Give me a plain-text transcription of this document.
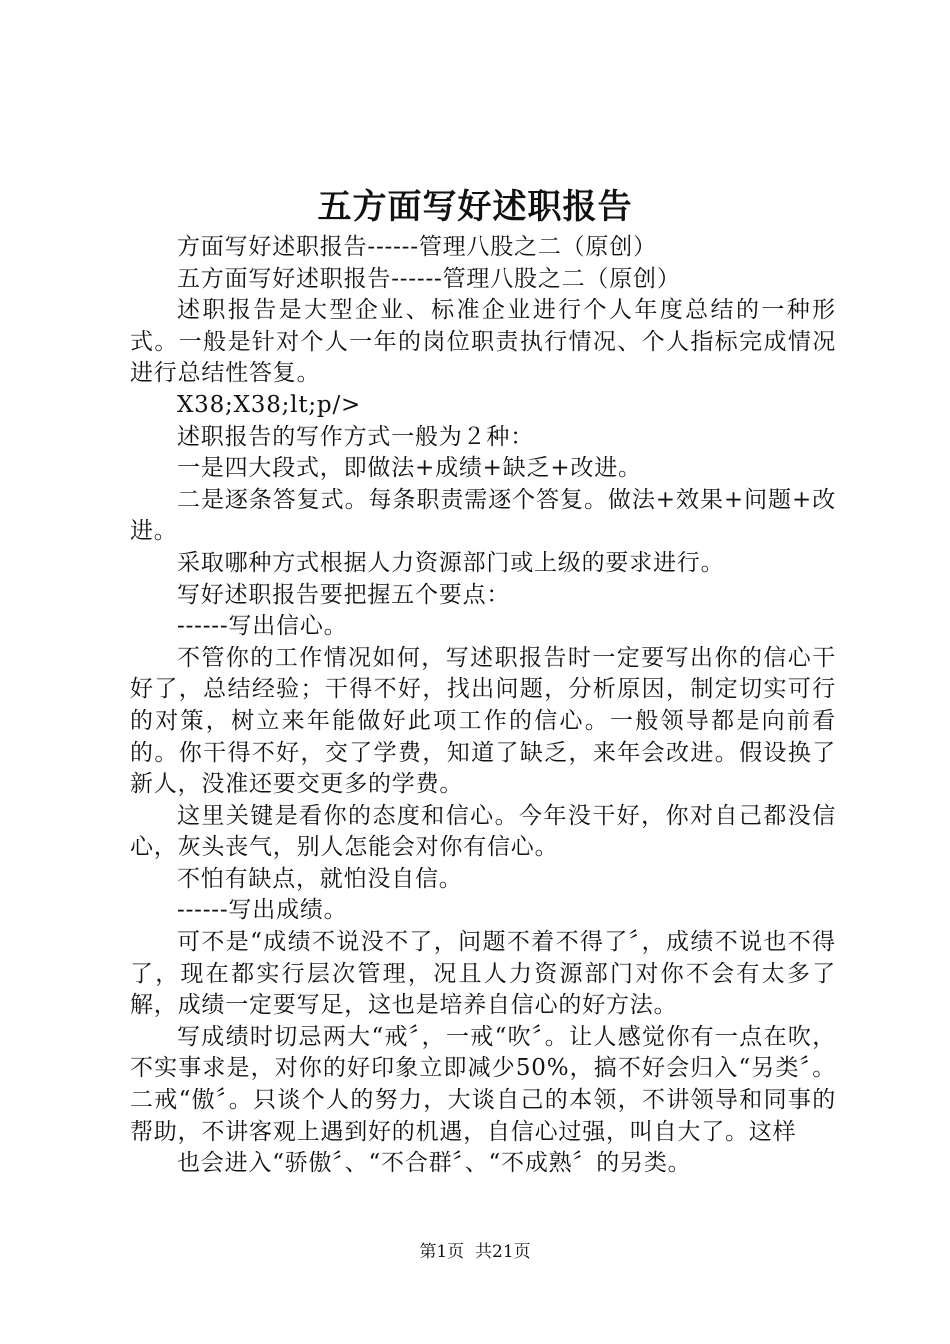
五方面写好述职报告

方面写好述职报告------管理八股之二（原创）

五方面写好述职报告------管理八股之二（原创）

述职报告是大型企业、标准企业进行个人年度总结的一种形式。一般是针对个人一年的岗位职责执行情况、个人指标完成情况进行总结性答复。

X38;X38;lt;p/>

述职报告的写作方式一般为２种：

一是四大段式，即做法+成绩+缺乏+改进。

二是逐条答复式。每条职责需逐个答复。做法+效果+问题+改进。

采取哪种方式根据人力资源部门或上级的要求进行。

写好述职报告要把握五个要点：

------写出信心。

不管你的工作情况如何，写述职报告时一定要写出你的信心干好了，总结经验；干得不好，找出问题，分析原因，制定切实可行的对策，树立来年能做好此项工作的信心。一般领导都是向前看的。你干得不好，交了学费，知道了缺乏，来年会改进。假设换了新人，没准还要交更多的学费。

这里关键是看你的态度和信心。今年没干好，你对自己都没信心，灰头丧气，别人怎能会对你有信心。

不怕有缺点，就怕没自信。

------写出成绩。

可不是“成绩不说没不了，问题不着不得了〞，成绩不说也不得了，现在都实行层次管理，况且人力资源部门对你不会有太多了解，成绩一定要写足，这也是培养自信心的好方法。

写成绩时切忌两大“戒〞，一戒“吹〞。让人感觉你有一点在吹，不实事求是，对你的好印象立即减少50%，搞不好会归入“另类〞。二戒“傲〞。只谈个人的努力，大谈自己的本领，不讲领导和同事的帮助，不讲客观上遇到好的机遇，自信心过强，叫自大了。这样

也会进入“骄傲〞、“不合群〞、“不成熟〞的另类。

第1页 共21页
